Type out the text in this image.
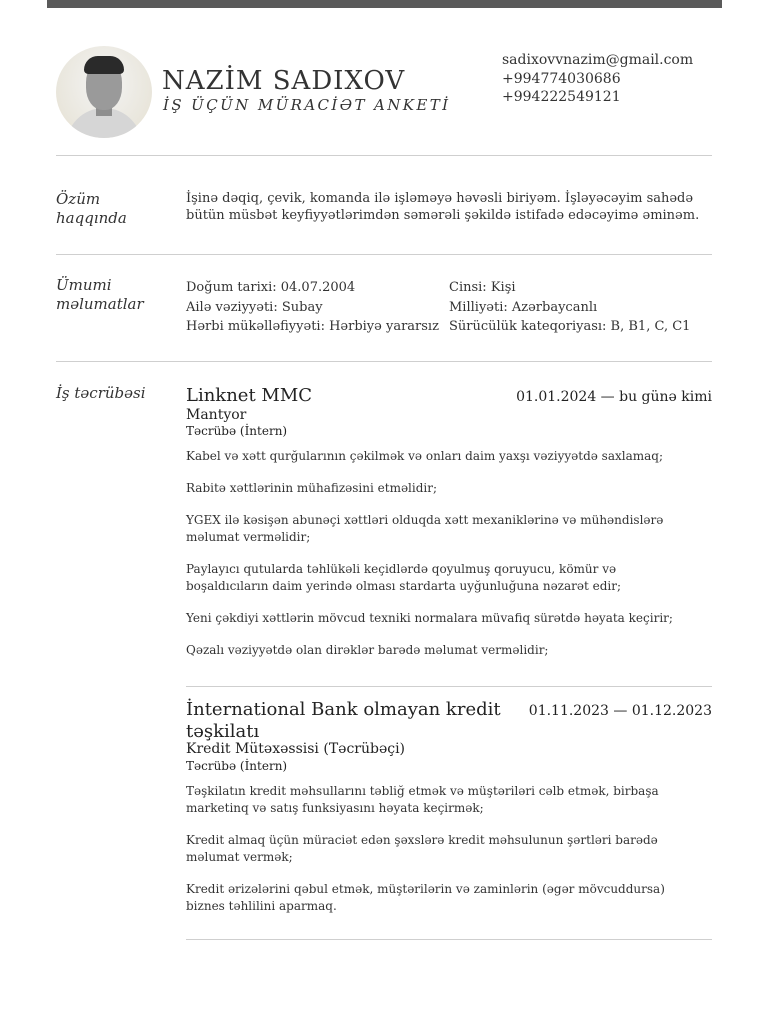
NAZİM SADIXOV
İŞ ÜÇÜN MÜRACİƏT ANKETİ
sadixovvnazim@gmail.com
+994774030686
+994222549121
Özüm haqqında
İşinə dəqiq, çevik, komanda ilə işləməyə həvəsli biriyəm. İşləyəcəyim sahədə bütün müsbət keyfiyyətlərimdən səmərəli şəkildə istifadə edəcəyimə əminəm.
Ümumi məlumatlar
Doğum tarixi: 04.07.2004
Ailə vəziyyəti: Subay
Hərbi mükəlləfiyyəti: Hərbiyə yararsız
Cinsi: Kişi
Milliyəti: Azərbaycanlı
Sürücülük kateqoriyası: B, B1, C, C1
İş təcrübəsi	Linknet MMC	01.01.2024 — bu günə kimi
Mantyor
Təcrübə (İntern)
Kabel və xətt qurğularının çəkilmək və onları daim yaxşı vəziyyətdə saxlamaq;
Rabitə xəttlərinin mühafizəsini etməlidir;
YGEX ilə kəsişən abunəçi xəttləri olduqda xətt mexaniklərinə və mühəndislərə məlumat verməlidir;
Paylayıcı qutularda təhlükəli keçidlərdə qoyulmuş qoruyucu, kömür və boşaldıcıların daim yerində olması stardarta uyğunluğuna nəzarət edir;
Yeni çəkdiyi xəttlərin mövcud texniki normalara müvafiq sürətdə həyata keçirir;
Qəzalı vəziyyətdə olan dirəklər barədə məlumat verməlidir;
İnternational Bank olmayan kredit təşkilatı
01.11.2023 — 01.12.2023
Kredit Mütəxəssisi (Təcrübəçi)
Təcrübə (İntern)
Təşkilatın kredit məhsullarını təbliğ etmək və müştəriləri cəlb etmək, birbaşa marketinq və satış funksiyasını həyata keçirmək;
Kredit almaq üçün müraciət edən şəxslərə kredit məhsulunun şərtləri barədə məlumat vermək;
Kredit ərizələrini qəbul etmək, müştərilərin və zaminlərin (əgər mövcuddursa) biznes təhlilini aparmaq.
